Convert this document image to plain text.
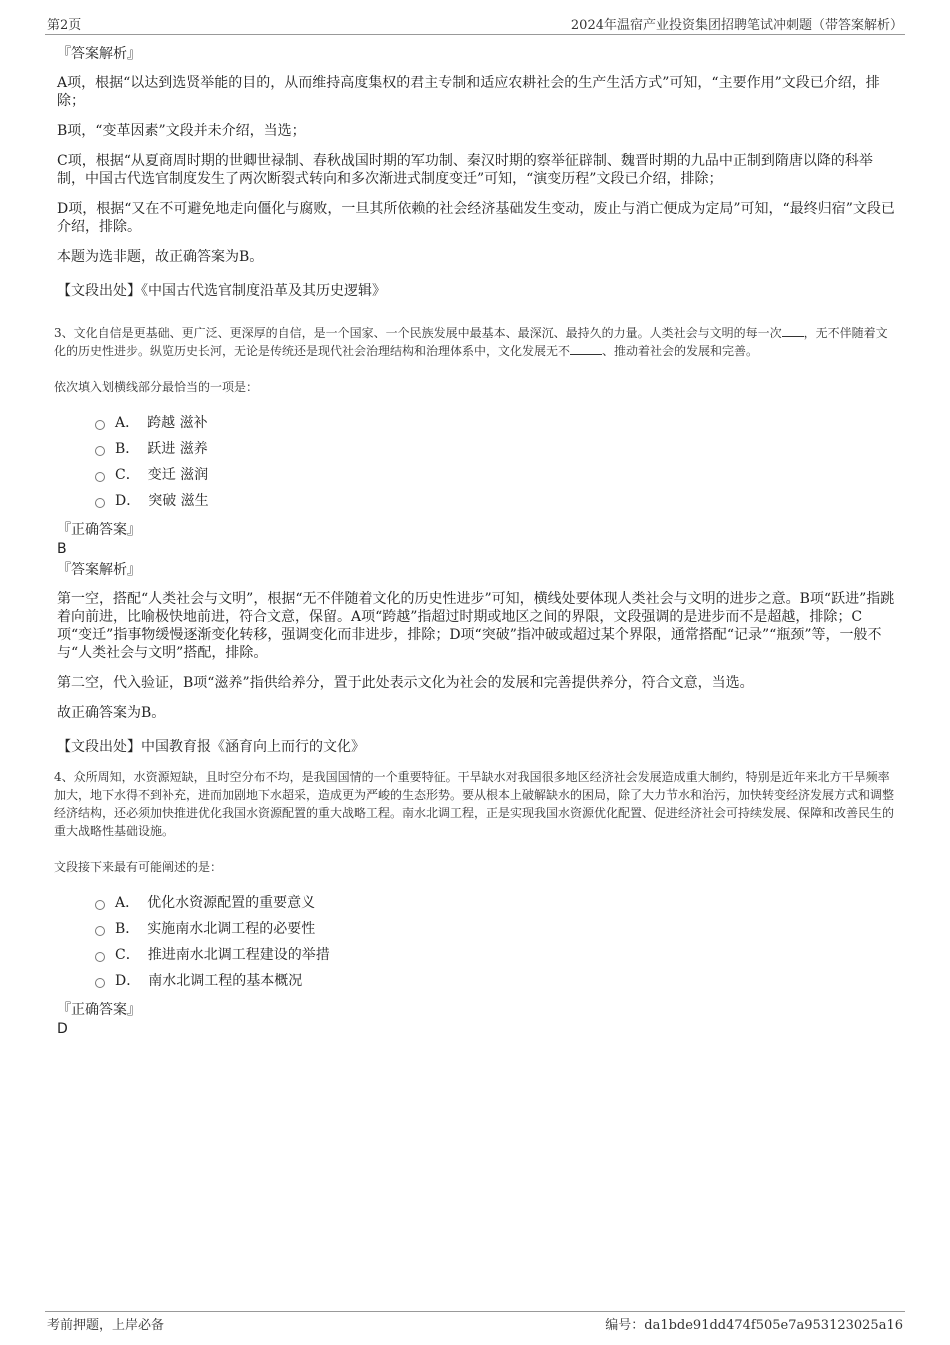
第2页	2024年温宿产业投资集团招聘笔试冲刺题（带答案解析）

『答案解析』

A项，根据“以达到选贤举能的目的，从而维持高度集权的君主专制和适应农耕社会的生产生活方式”可知，“主要作用”文段已介绍，排除；

B项，“变革因素”文段并未介绍，当选；

C项，根据“从夏商周时期的世卿世禄制、春秋战国时期的军功制、秦汉时期的察举征辟制、魏晋时期的九品中正制到隋唐以降的科举制，中国古代选官制度发生了两次断裂式转向和多次渐进式制度变迁”可知，“演变历程”文段已介绍，排除；

D项，根据“又在不可避免地走向僵化与腐败，一旦其所依赖的社会经济基础发生变动，废止与消亡便成为定局”可知，“最终归宿”文段已介绍，排除。

本题为选非题，故正确答案为B。

【文段出处】《中国古代选官制度沿革及其历史逻辑》

3、文化自信是更基础、更广泛、更深厚的自信，是一个国家、一个民族发展中最基本、最深沉、最持久的力量。人类社会与文明的每一次 ，无不伴随着文化的历史性进步。纵览历史长河，无论是传统还是现代社会治理结构和治理体系中，文化发展无不	、推动着社会的发展和完善。

依次填入划横线部分最恰当的一项是：

A． 跨越 滋补
B． 跃进 滋养
C． 变迁 滋润
D． 突破 滋生

『正确答案』

B

『答案解析』

第一空，搭配“人类社会与文明”，根据“无不伴随着文化的历史性进步”可知，横线处要体现人类社会与文明的进步之意。B项“跃进”指跳着向前进，比喻极快地前进，符合文意，保留。A项“跨越”指超过时期或地区之间的界限，文段强调的是进步而不是超越，排除；C项“变迁”指事物缓慢逐渐变化转移，强调变化而非进步，排除；D项“突破”指冲破或超过某个界限，通常搭配“记录”“瓶颈”等，一般不与“人类社会与文明”搭配，排除。

第二空，代入验证，B项“滋养”指供给养分，置于此处表示文化为社会的发展和完善提供养分，符合文意，当选。

故正确答案为B。

【文段出处】中国教育报《涵育向上而行的文化》

4、众所周知，水资源短缺，且时空分布不均，是我国国情的一个重要特征。干旱缺水对我国很多地区经济社会发展造成重大制约，特别是近年来北方干旱频率加大，地下水得不到补充，进而加剧地下水超采，造成更为严峻的生态形势。要从根本上破解缺水的困局，除了大力节水和治污，加快转变经济发展方式和调整经济结构，还必须加快推进优化我国水资源配置的重大战略工程。南水北调工程，正是实现我国水资源优化配置、促进经济社会可持续发展、保障和改善民生的重大战略性基础设施。

文段接下来最有可能阐述的是：

A． 优化水资源配置的重要意义
B． 实施南水北调工程的必要性
C． 推进南水北调工程建设的举措
D． 南水北调工程的基本概况

『正确答案』

D

考前押题，上岸必备	编号：da1bde91dd474f505e7a953123025a16
